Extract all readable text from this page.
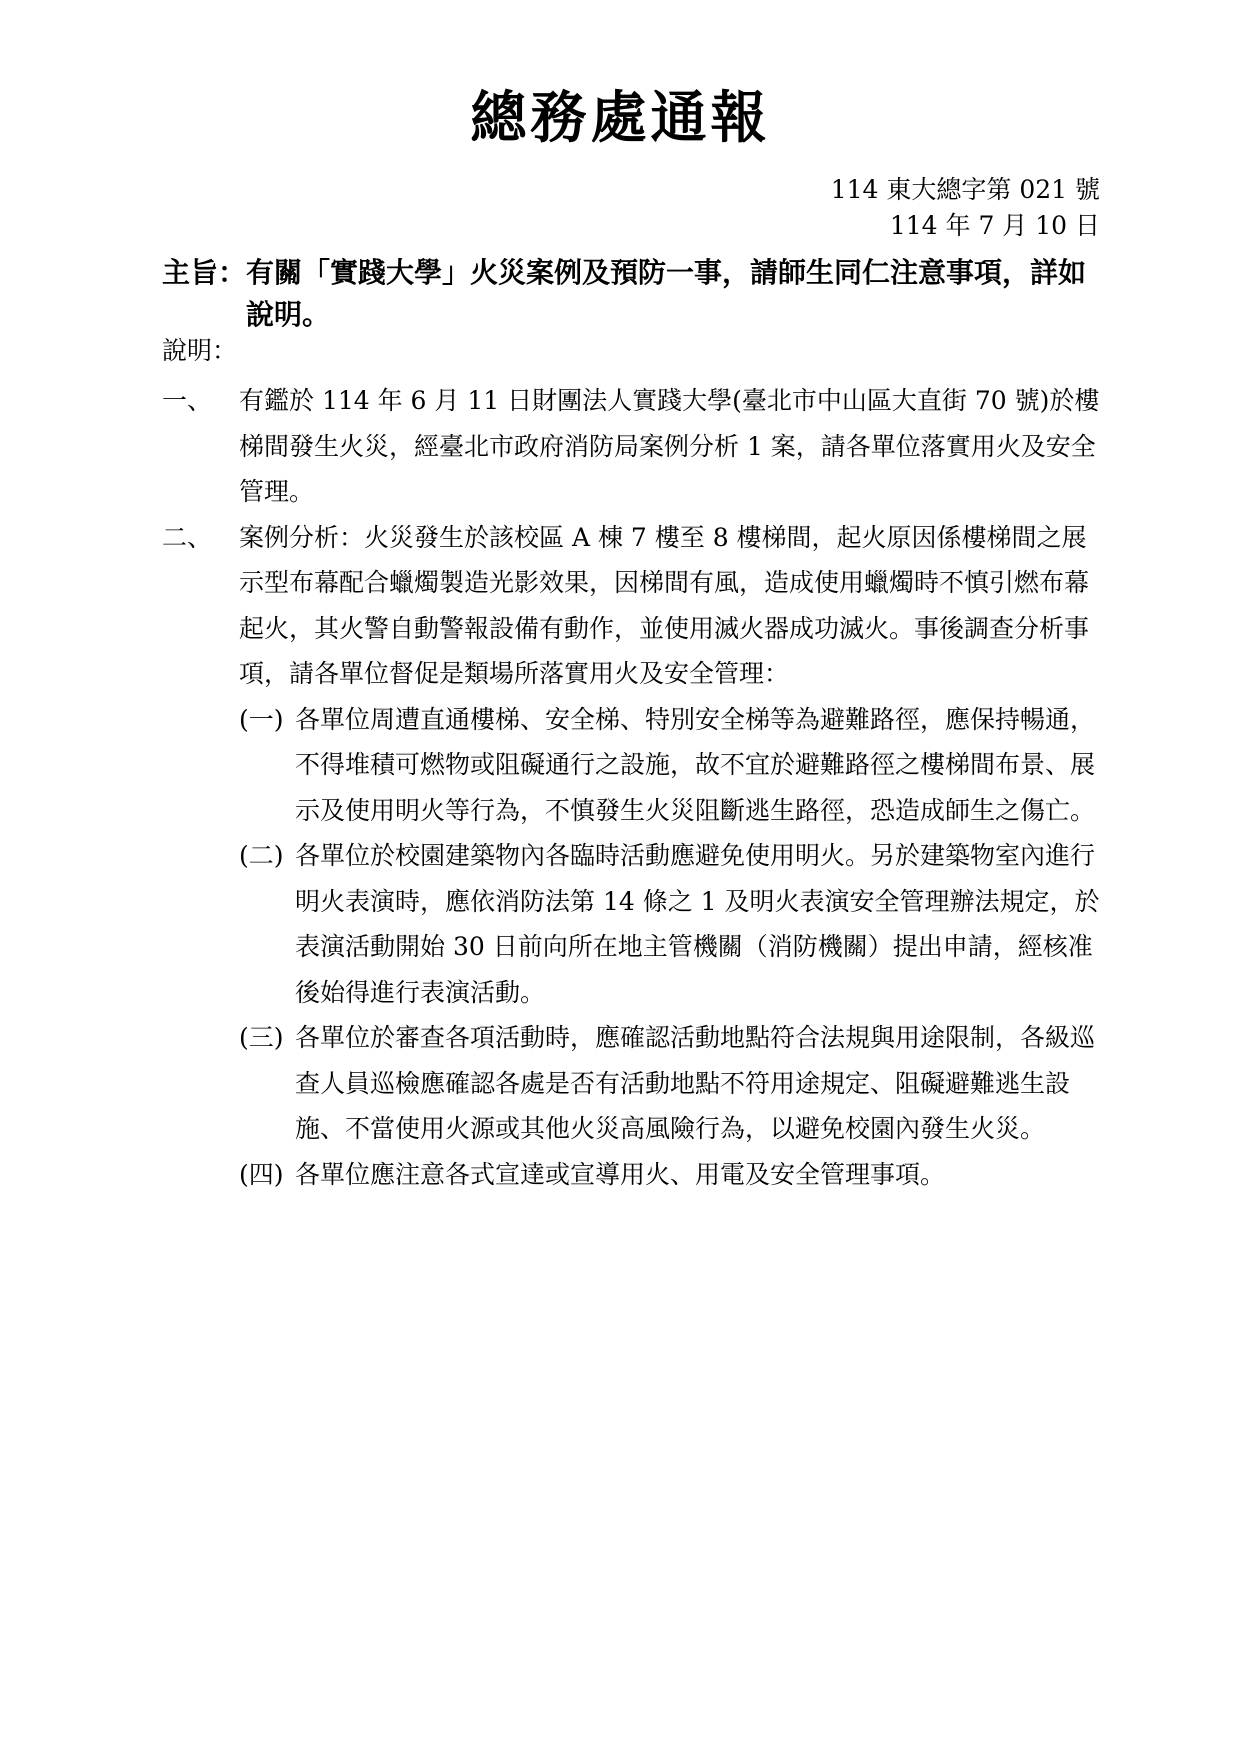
總務處通報
114 東大總字第 021 號
114 年 7 月 10 日
主旨： 有關「實踐大學」火災案例及預防一事，請師生同仁注意事項，詳如說明。
說明：
一、	有鑑於 114 年 6 月 11 日財團法人實踐大學(臺北市中山區大直街 70 號)於樓梯間發生火災，經臺北市政府消防局案例分析 1 案，請各單位落實用火及安全管理。
二、	案例分析：火災發生於該校區 A 棟 7 樓至 8 樓梯間，起火原因係樓梯間之展示型布幕配合蠟燭製造光影效果，因梯間有風，造成使用蠟燭時不慎引燃布幕起火，其火警自動警報設備有動作，並使用滅火器成功滅火。事後調查分析事項，請各單位督促是類場所落實用火及安全管理：
(一) 各單位周遭直通樓梯、安全梯、特別安全梯等為避難路徑，應保持暢通，不得堆積可燃物或阻礙通行之設施，故不宜於避難路徑之樓梯間布景、展示及使用明火等行為，不慎發生火災阻斷逃生路徑，恐造成師生之傷亡。
(二) 各單位於校園建築物內各臨時活動應避免使用明火。另於建築物室內進行明火表演時，應依消防法第 14 條之 1 及明火表演安全管理辦法規定，於表演活動開始 30 日前向所在地主管機關（消防機關）提出申請，經核准後始得進行表演活動。
(三) 各單位於審查各項活動時，應確認活動地點符合法規與用途限制，各級巡查人員巡檢應確認各處是否有活動地點不符用途規定、阻礙避難逃生設施、不當使用火源或其他火災高風險行為，以避免校園內發生火災。
(四) 各單位應注意各式宣達或宣導用火、用電及安全管理事項。
